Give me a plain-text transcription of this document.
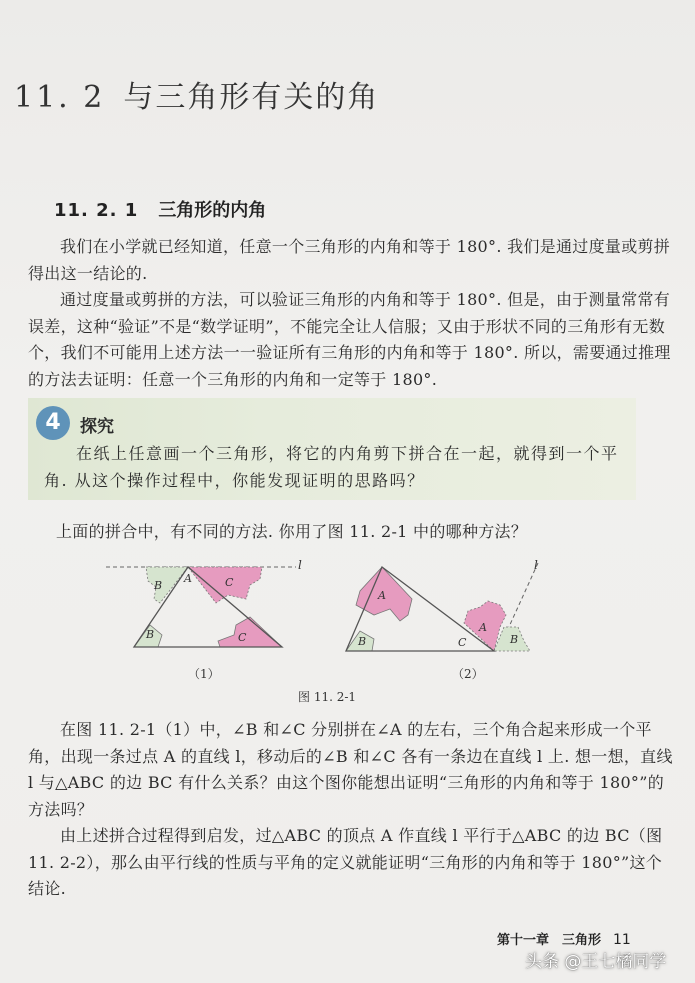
11. 2 与三角形有关的角
11. 2. 1 三角形的内角

我们在小学就已经知道，任意一个三角形的内角和等于 180°. 我们是通过度量或剪拼得出这一结论的.

通过度量或剪拼的方法，可以验证三角形的内角和等于 180°. 但是，由于测量常常有误差，这种“验证”不是“数学证明”，不能完全让人信服；又由于形状不同的三角形有无数个，我们不可能用上述方法一一验证所有三角形的内角和等于 180°. 所以，需要通过推理的方法去证明：任意一个三角形的内角和一定等于 180°.

4	探究

在纸上任意画一个三角形，将它的内角剪下拼合在一起，就得到一个平角. 从这个操作过程中，你能发现证明的思路吗？

上面的拼合中，有不同的方法. 你用了图 11. 2-1 中的哪种方法？

l
B	C
B	C
A
（1）
l
A
A
B
B	C
（2）
图 11. 2-1

在图 11. 2-1（1）中，∠B 和∠C 分别拼在∠A 的左右，三个角合起来形成一个平角，出现一条过点 A 的直线 l，移动后的∠B 和∠C 各有一条边在直线 l 上. 想一想，直线 l 与△ABC 的边 BC 有什么关系？由这个图你能想出证明“三角形的内角和等于 180°”的方法吗？

由上述拼合过程得到启发，过△ABC 的顶点 A 作直线 l 平行于△ABC 的边 BC（图 11. 2-2），那么由平行线的性质与平角的定义就能证明“三角形的内角和等于 180°”这个结论.

第十一章　三角形 11
头条 @王七橘同学
